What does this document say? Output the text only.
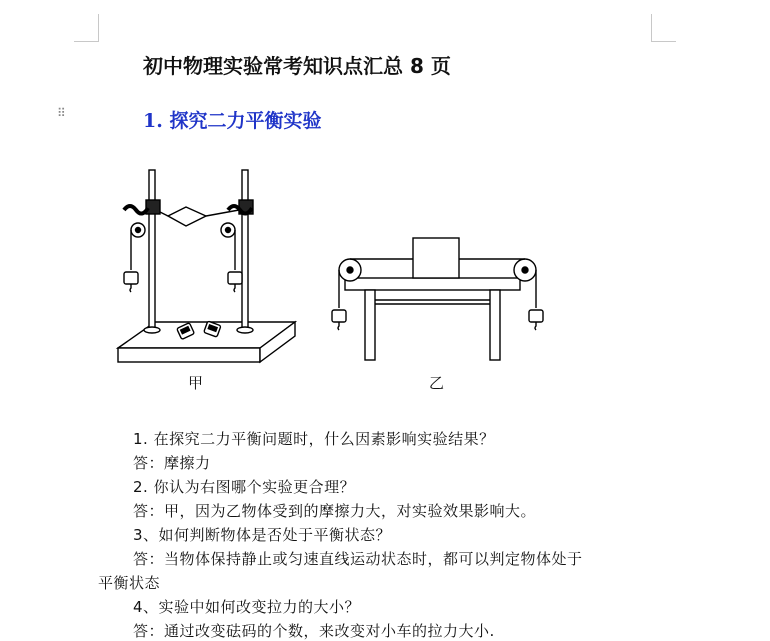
⠿
初中物理实验常考知识点汇总 8 页
1. 探究二力平衡实验
甲	乙
1. 在探究二力平衡问题时，什么因素影响实验结果？
答：摩擦力
2. 你认为右图哪个实验更合理？
答：甲，因为乙物体受到的摩擦力大，对实验效果影响大。
3、如何判断物体是否处于平衡状态？
答：当物体保持静止或匀速直线运动状态时，都可以判定物体处于
平衡状态
4、实验中如何改变拉力的大小？
答：通过改变砝码的个数，来改变对小车的拉力大小.
